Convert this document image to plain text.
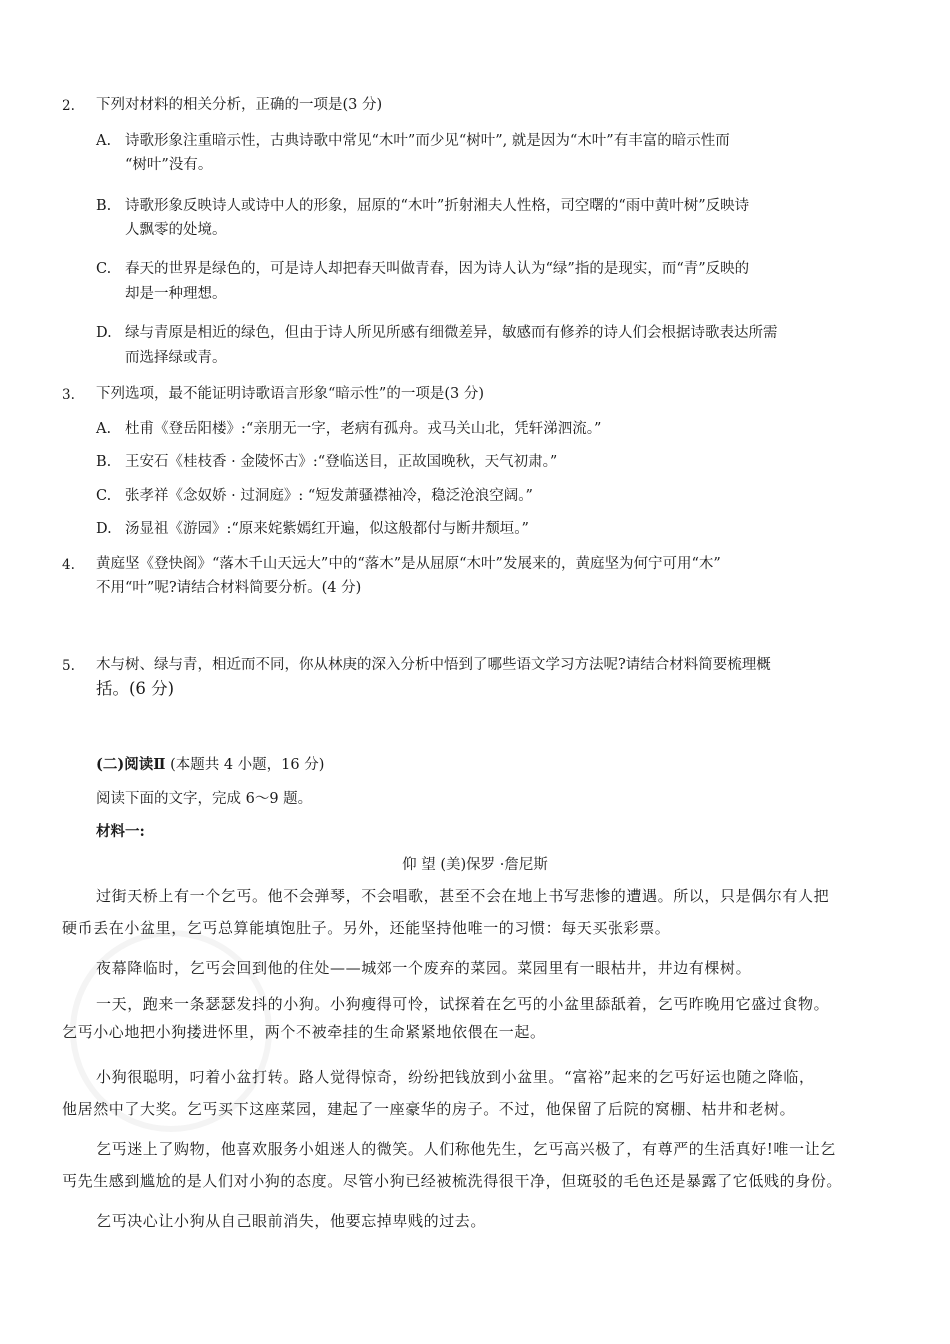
2. 下列对材料的相关分析，正确的一项是(3 分)
A. 诗歌形象注重暗示性，古典诗歌中常见“木叶”而少见“树叶”, 就是因为“木叶”有丰富的暗示性而
“树叶”没有。
B. 诗歌形象反映诗人或诗中人的形象，屈原的“木叶”折射湘夫人性格，司空曙的“雨中黄叶树”反映诗
人飘零的处境。
C. 春天的世界是绿色的，可是诗人却把春天叫做青春，因为诗人认为“绿”指的是现实，而“青”反映的
却是一种理想。
D. 绿与青原是相近的绿色，但由于诗人所见所感有细微差异，敏感而有修养的诗人们会根据诗歌表达所需
而选择绿或青。
3. 下列选项，最不能证明诗歌语言形象“暗示性”的一项是(3 分)
A. 杜甫《登岳阳楼》:“亲朋无一字，老病有孤舟。戎马关山北，凭轩涕泗流。”
B. 王安石《桂枝香 · 金陵怀古》:“登临送目，正故国晚秋，天气初肃。”
C. 张孝祥《念奴娇 · 过洞庭》: “短发萧骚襟袖冷，稳泛沧浪空阔。”
D. 汤显祖《游园》:“原来姹紫嫣红开遍，似这般都付与断井颓垣。”
4. 黄庭坚《登快阁》“落木千山天远大”中的“落木”是从屈原“木叶”发展来的，黄庭坚为何宁可用“木”
不用“叶”呢?请结合材料简要分析。(4 分)
5. 木与树、绿与青，相近而不同，你从林庚的深入分析中悟到了哪些语文学习方法呢?请结合材料简要梳理概
括。(6 分)
(二)阅读Ⅱ (本题共 4 小题，16 分)
阅读下面的文字，完成 6～9 题。
材料一:
仰 望 (美)保罗 ·詹尼斯
过街天桥上有一个乞丐。他不会弹琴，不会唱歌，甚至不会在地上书写悲惨的遭遇。所以，只是偶尔有人把
硬币丢在小盆里，乞丐总算能填饱肚子。另外，还能坚持他唯一的习惯：每天买张彩票。
夜幕降临时，乞丐会回到他的住处——城郊一个废弃的菜园。菜园里有一眼枯井，井边有棵树。
一天，跑来一条瑟瑟发抖的小狗。小狗瘦得可怜，试探着在乞丐的小盆里舔舐着，乞丐昨晚用它盛过食物。
乞丐小心地把小狗搂进怀里，两个不被牵挂的生命紧紧地依偎在一起。
小狗很聪明，叼着小盆打转。路人觉得惊奇，纷纷把钱放到小盆里。“富裕”起来的乞丐好运也随之降临，
他居然中了大奖。乞丐买下这座菜园，建起了一座豪华的房子。不过，他保留了后院的窝棚、枯井和老树。
乞丐迷上了购物，他喜欢服务小姐迷人的微笑。人们称他先生，乞丐高兴极了，有尊严的生活真好!唯一让乞
丐先生感到尴尬的是人们对小狗的态度。尽管小狗已经被梳洗得很干净，但斑驳的毛色还是暴露了它低贱的身份。
乞丐决心让小狗从自己眼前消失，他要忘掉卑贱的过去。
